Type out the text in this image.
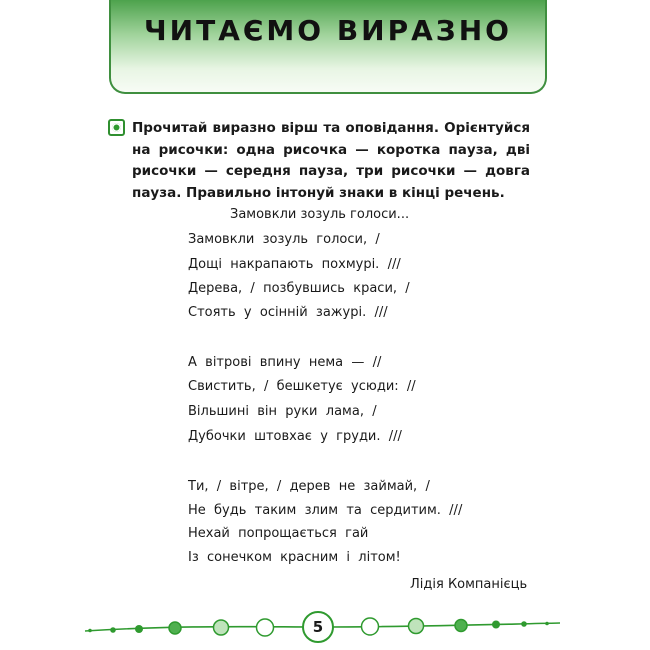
ЧИТАЄМО ВИРАЗНО

Прочитай виразно вірш та оповідання. Орієнтуйся на рисочки: одна рисочка — коротка пауза, дві рисочки — середня пауза, три рисочки — довга пауза. Правильно інтонуй знаки в кінці речень.

Замовкли зозуль голоси...
Замовкли  зозуль  голоси,  /
Дощі  накрапають  похмурі.  ///
Дерева,  /  позбувшись  краси,  /
Стоять  у  осінній  зажурі.  ///
А  вітрові  впину  нема  —  //
Свистить,  /  бешкетує  усюди:  //
Вільшині  він  руки  лама,  /
Дубочки  штовхає  у  груди.  ///
Ти,  /  вітре,  /  дерев  не  займай,  /
Не  будь  таким  злим  та  сердитим.  ///
Нехай  попрощається  гай
Із  сонечком  красним  і  літом!
Лідія Компанієць
5
